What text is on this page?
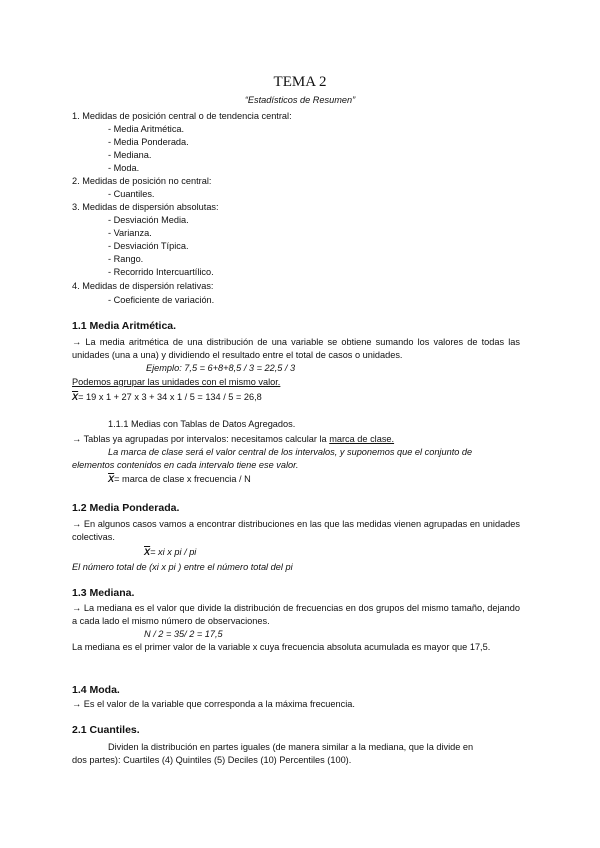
TEMA 2
“Estadísticos de Resumen”
1. Medidas de posición central o de tendencia central:
- Media Aritmética.
- Media Ponderada.
- Mediana.
- Moda.
2. Medidas de posición no central:
- Cuantiles.
3. Medidas de dispersión absolutas:
- Desviación Media.
- Varianza.
- Desviación Típica.
- Rango.
- Recorrido Intercuartílico.
4. Medidas de dispersión relativas:
- Coeficiente de variación.
1.1 Media Aritmética.
→ La media aritmética de una distribución de una variable se obtiene sumando los valores de todas las unidades (una a una) y dividiendo el resultado entre el total de casos o unidades.
Ejemplo: 7,5 = 6+8+8,5 / 3 = 22,5 / 3
Podemos agrupar las unidades con el mismo valor.
$\overline{X}= 19$ x 1 + 27 x 3 + 34 x 1 / 5 = 134 / 5 = 26,8
1.1.1 Medias con Tablas de Datos Agregados.
→ Tablas ya agrupadas por intervalos: necesitamos calcular la marca de clase.
La marca de clase será el valor central de los intervalos, y suponemos que el conjunto de
elementos contenidos en cada intervalo tiene ese valor.
$\overline{X}=$ marca de clase x frecuencia / N
1.2 Media Ponderada.
→ En algunos casos vamos a encontrar distribuciones en las que las medidas vienen agrupadas en unidades colectivas.
$\overline{X}=$ xi x pi / pi
El número total de (xi x pi ) entre el número total del pi
1.3 Mediana.
→ La mediana es el valor que divide la distribución de frecuencias en dos grupos del mismo tamaño, dejando a cada lado el mismo número de observaciones.
N / 2 = 35/ 2 = 17,5
La mediana es el primer valor de la variable x cuya frecuencia absoluta acumulada es mayor que 17,5.
1.4 Moda.
→ Es el valor de la variable que corresponda a la máxima frecuencia.
2.1 Cuantiles.
Dividen la distribución en partes iguales (de manera similar a la mediana, que la divide en
dos partes): Cuartiles (4) Quintiles (5) Deciles (10) Percentiles (100).
